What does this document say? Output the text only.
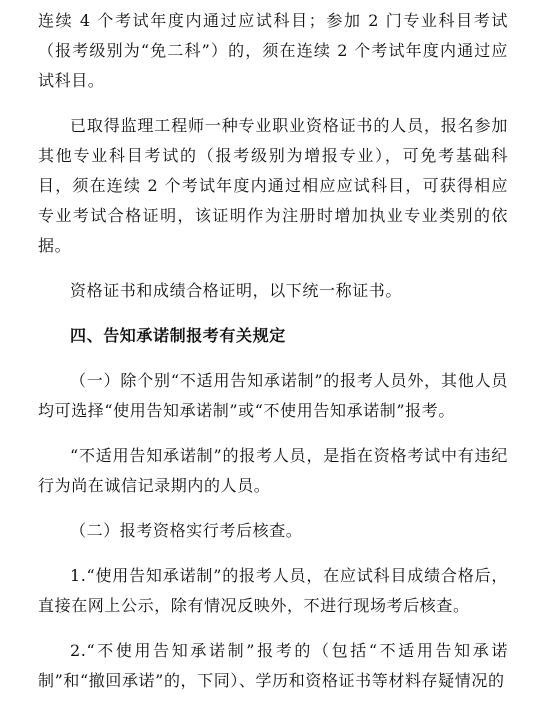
连续 4 个考试年度内通过应试科目；参加 2 门专业科目考试（报考级别为“免二科”）的，须在连续 2 个考试年度内通过应试科目。

已取得监理工程师一种专业职业资格证书的人员，报名参加其他专业科目考试的（报考级别为增报专业），可免考基础科目，须在连续 2 个考试年度内通过相应应试科目，可获得相应专业考试合格证明，该证明作为注册时增加执业专业类别的依据。

资格证书和成绩合格证明，以下统一称证书。

四、告知承诺制报考有关规定

（一）除个别“不适用告知承诺制”的报考人员外，其他人员均可选择“使用告知承诺制”或“不使用告知承诺制”报考。

“不适用告知承诺制”的报考人员，是指在资格考试中有违纪行为尚在诚信记录期内的人员。

（二）报考资格实行考后核查。

1.“使用告知承诺制”的报考人员，在应试科目成绩合格后，直接在网上公示，除有情况反映外，不进行现场考后核查。

2.“不使用告知承诺制”报考的（包括“不适用告知承诺制”和“撤回承诺”的，下同）、学历和资格证书等材料存疑情况的
